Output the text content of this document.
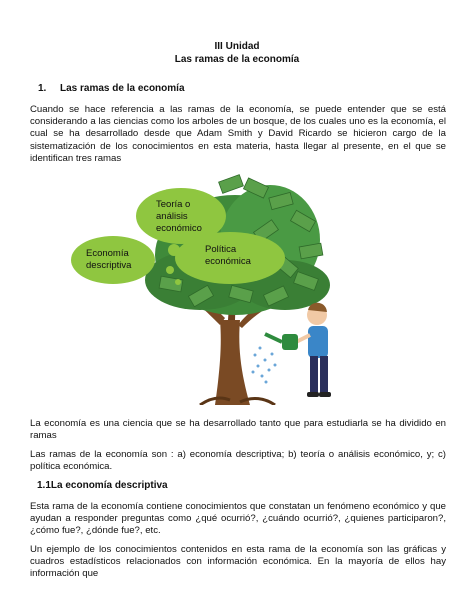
III Unidad
Las ramas de la economía
1. Las ramas de la economía

Cuando se hace referencia a las ramas de la economía, se puede entender que se está considerando a las ciencias como los arboles de un bosque, de los cuales uno es la economía, el cual se ha desarrollado desde que Adam Smith y David Ricardo se hicieron cargo de la sistematización de los conocimientos en esta materia, hasta llegar al presente, en el que se identifican tres ramas

Teoría o
análisis
económico
Política
económica
Economía
descriptiva

La economía es una ciencia que se ha desarrollado tanto que para estudiarla se ha dividido en ramas

Las ramas de la economía son : a) economía descriptiva; b) teoría o análisis económico, y; c) política económica.

1.1La economía descriptiva

Esta rama de la economía contiene conocimientos que constatan un fenómeno económico y que ayudan a responder preguntas como ¿qué ocurrió?, ¿cuándo ocurrió?, ¿quienes participaron?, ¿cómo fue?, ¿dónde fue?, etc.

Un ejemplo de los conocimientos contenidos en esta rama de la economía son las gráficas y cuadros estadísticos relacionados con información económica. En la mayoría de ellos hay información que
